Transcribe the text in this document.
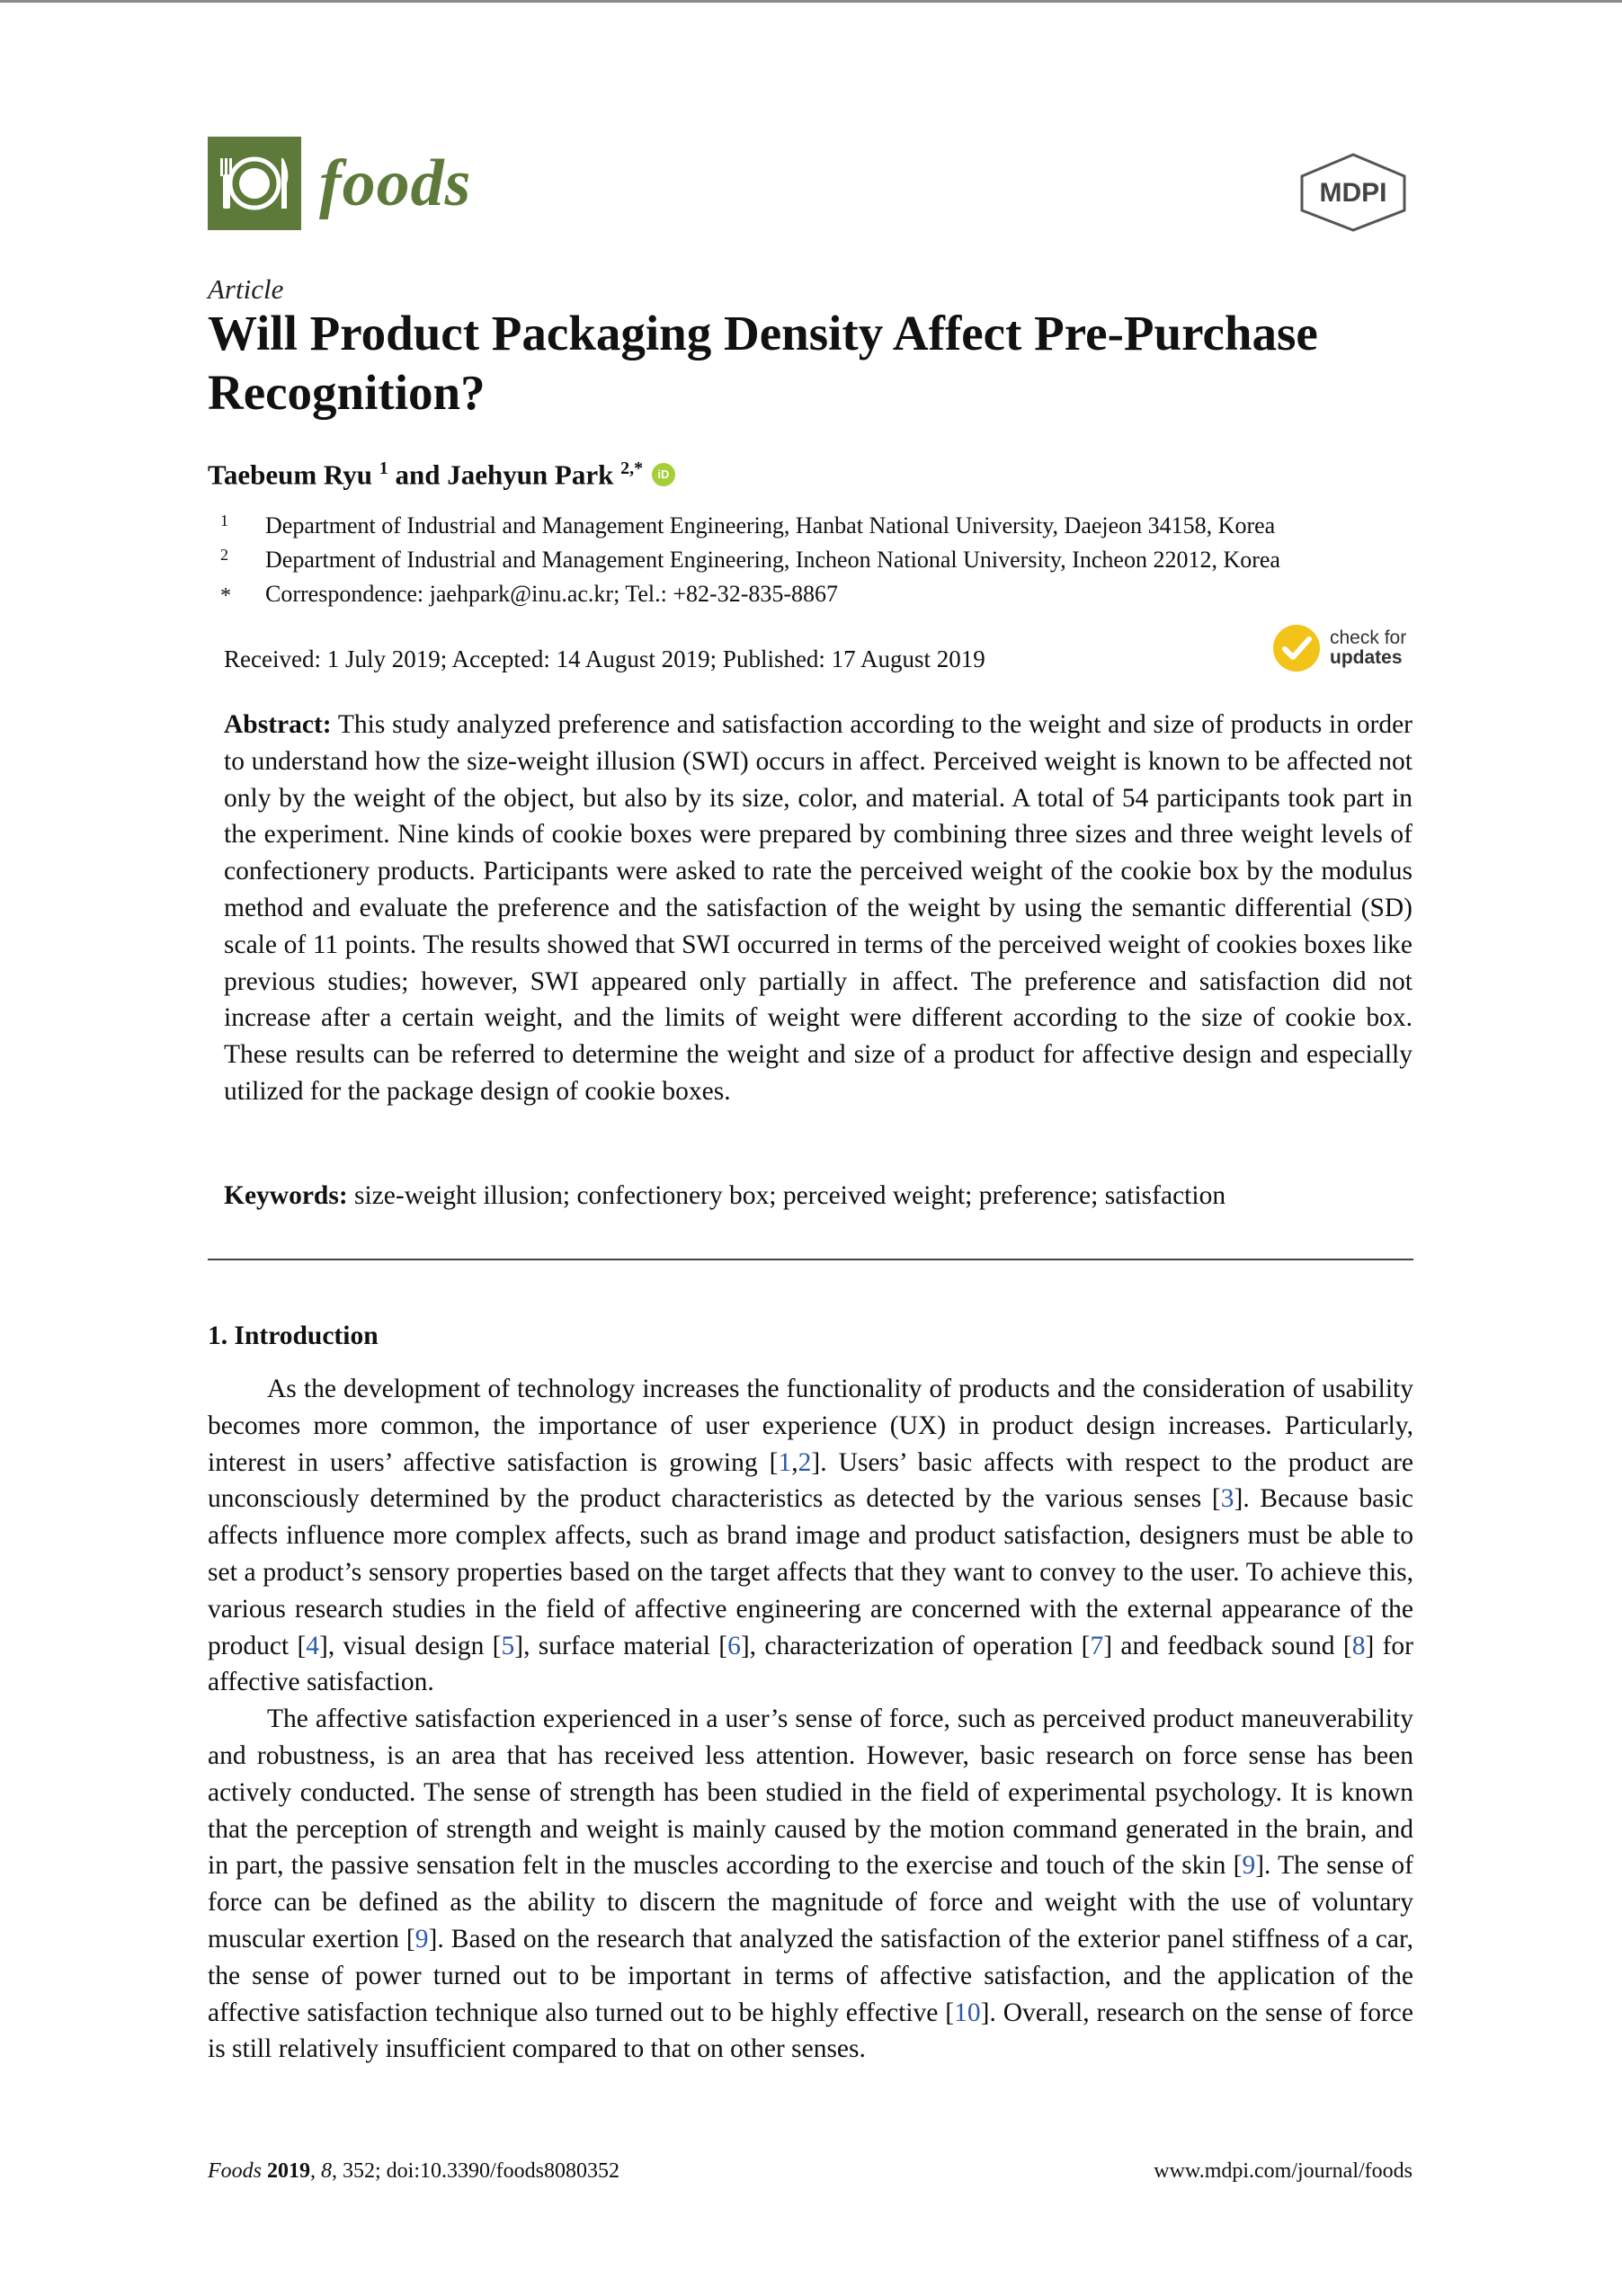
foods	MDPI
Article
Will Product Packaging Density Affect Pre-Purchase Recognition?
Taebeum Ryu $^1$ and Jaehyun Park $^{2,*}$ iD
1 Department of Industrial and Management Engineering, Hanbat National University, Daejeon 34158, Korea
2 Department of Industrial and Management Engineering, Incheon National University, Incheon 22012, Korea
* Correspondence: jaehpark@inu.ac.kr; Tel.: +82-32-835-8867
Received: 1 July 2019; Accepted: 14 August 2019; Published: 17 August 2019
check for
updates
Abstract: This study analyzed preference and satisfaction according to the weight and size of products in order to understand how the size-weight illusion (SWI) occurs in affect. Perceived weight is known to be affected not only by the weight of the object, but also by its size, color, and material. A total of 54 participants took part in the experiment. Nine kinds of cookie boxes were prepared by combining three sizes and three weight levels of confectionery products. Participants were asked to rate the perceived weight of the cookie box by the modulus method and evaluate the preference and the satisfaction of the weight by using the semantic differential (SD) scale of 11 points. The results showed that SWI occurred in terms of the perceived weight of cookies boxes like previous studies; however, SWI appeared only partially in affect. The preference and satisfaction did not increase after a certain weight, and the limits of weight were different according to the size of cookie box. These results can be referred to determine the weight and size of a product for affective design and especially utilized for the package design of cookie boxes.
Keywords: size-weight illusion; confectionery box; perceived weight; preference; satisfaction
1. Introduction

As the development of technology increases the functionality of products and the consideration of usability becomes more common, the importance of user experience (UX) in product design increases. Particularly, interest in users’ affective satisfaction is growing [1,2]. Users’ basic affects with respect to the product are unconsciously determined by the product characteristics as detected by the various senses [3]. Because basic affects influence more complex affects, such as brand image and product satisfaction, designers must be able to set a product’s sensory properties based on the target affects that they want to convey to the user. To achieve this, various research studies in the field of affective engineering are concerned with the external appearance of the product [4], visual design [5], surface material [6], characterization of operation [7] and feedback sound [8] for affective satisfaction.

The affective satisfaction experienced in a user’s sense of force, such as perceived product maneuverability and robustness, is an area that has received less attention. However, basic research on force sense has been actively conducted. The sense of strength has been studied in the field of experimental psychology. It is known that the perception of strength and weight is mainly caused by the motion command generated in the brain, and in part, the passive sensation felt in the muscles according to the exercise and touch of the skin [9]. The sense of force can be defined as the ability to discern the magnitude of force and weight with the use of voluntary muscular exertion [9]. Based on the research that analyzed the satisfaction of the exterior panel stiffness of a car, the sense of power turned out to be important in terms of affective satisfaction, and the application of the affective satisfaction technique also turned out to be highly effective [10]. Overall, research on the sense of force is still relatively insufficient compared to that on other senses.

Foods 2019, 8, 352; doi:10.3390/foods8080352	www.mdpi.com/journal/foods
